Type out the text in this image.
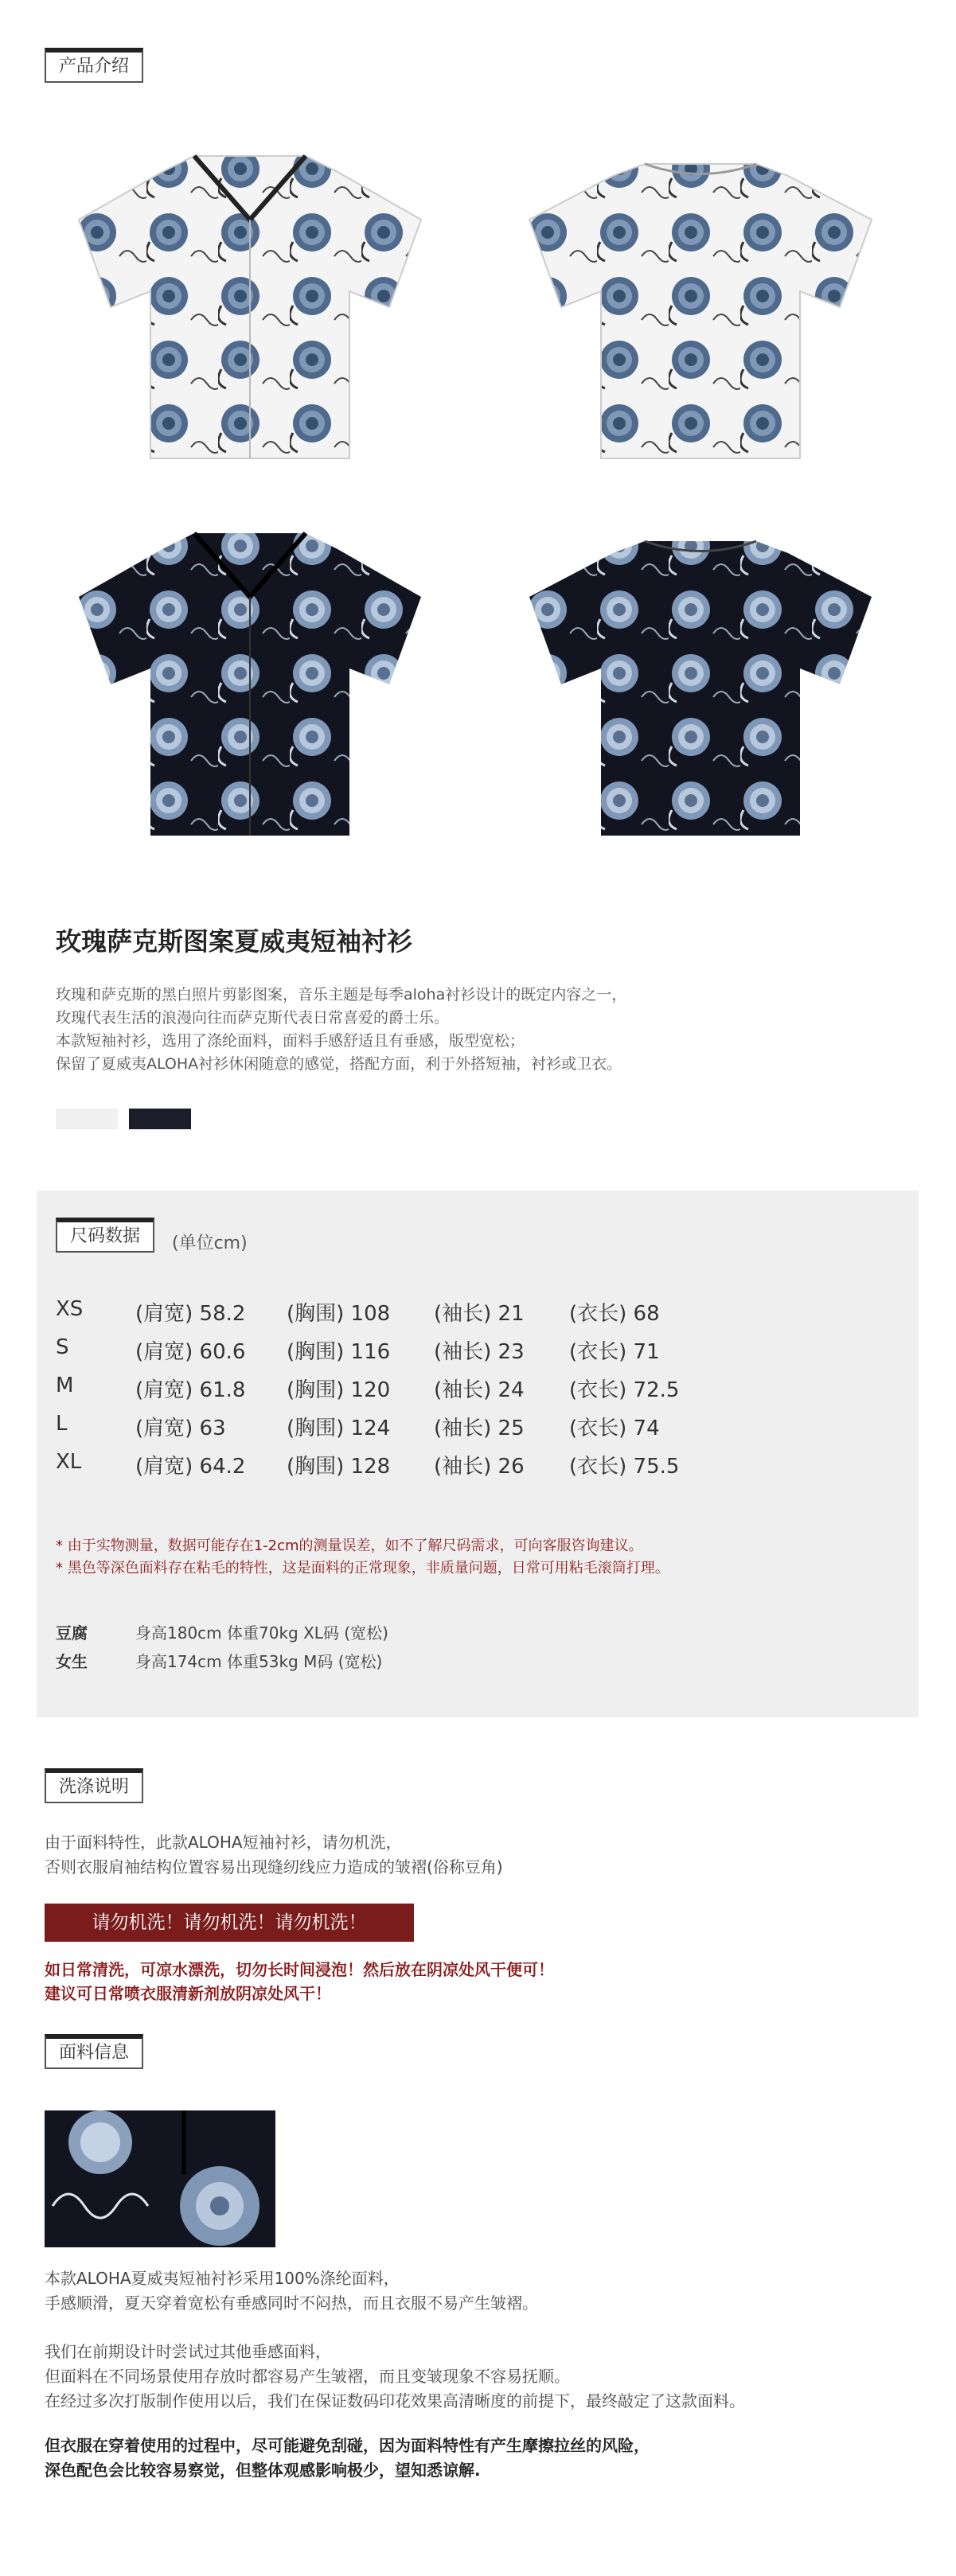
产品介绍
玫瑰萨克斯图案夏威夷短袖衬衫
玫瑰和萨克斯的黑白照片剪影图案，音乐主题是每季aloha衬衫设计的既定内容之一，
玫瑰代表生活的浪漫向往而萨克斯代表日常喜爱的爵士乐。
本款短袖衬衫，选用了涤纶面料，面料手感舒适且有垂感，版型宽松；
保留了夏威夷ALOHA衬衫休闲随意的感觉，搭配方面，利于外搭短袖，衬衫或卫衣。
尺码数据	(单位cm)
XS	(肩宽) 58.2 (胸围) 108 (袖长) 21 (衣长) 68
S	(肩宽) 60.6 (胸围) 116 (袖长) 23 (衣长) 71
M	(肩宽) 61.8 (胸围) 120 (袖长) 24 (衣长) 72.5
L	(肩宽) 63	(胸围) 124 (袖长) 25 (衣长) 74
XL	(肩宽) 64.2 (胸围) 128 (袖长) 26 (衣长) 75.5
* 由于实物测量，数据可能存在1-2cm的测量误差，如不了解尺码需求，可向客服咨询建议。
* 黑色等深色面料存在粘毛的特性，这是面料的正常现象，非质量问题，日常可用粘毛滚筒打理。
豆腐	身高180cm 体重70kg XL码 (宽松)
女生	身高174cm 体重53kg M码 (宽松)
洗涤说明
由于面料特性，此款ALOHA短袖衬衫，请勿机洗，
否则衣服肩袖结构位置容易出现缝纫线应力造成的皱褶(俗称豆角)
请勿机洗！请勿机洗！请勿机洗！
如日常清洗，可凉水漂洗，切勿长时间浸泡！然后放在阴凉处风干便可！
建议可日常喷衣服清新剂放阴凉处风干！
面料信息
本款ALOHA夏威夷短袖衬衫采用100%涤纶面料，
手感顺滑，夏天穿着宽松有垂感同时不闷热，而且衣服不易产生皱褶。
我们在前期设计时尝试过其他垂感面料，
但面料在不同场景使用存放时都容易产生皱褶，而且变皱现象不容易抚顺。
在经过多次打版制作使用以后，我们在保证数码印花效果高清晰度的前提下，最终敲定了这款面料。
但衣服在穿着使用的过程中，尽可能避免刮碰，因为面料特性有产生摩擦拉丝的风险，
深色配色会比较容易察觉，但整体观感影响极少，望知悉谅解.
